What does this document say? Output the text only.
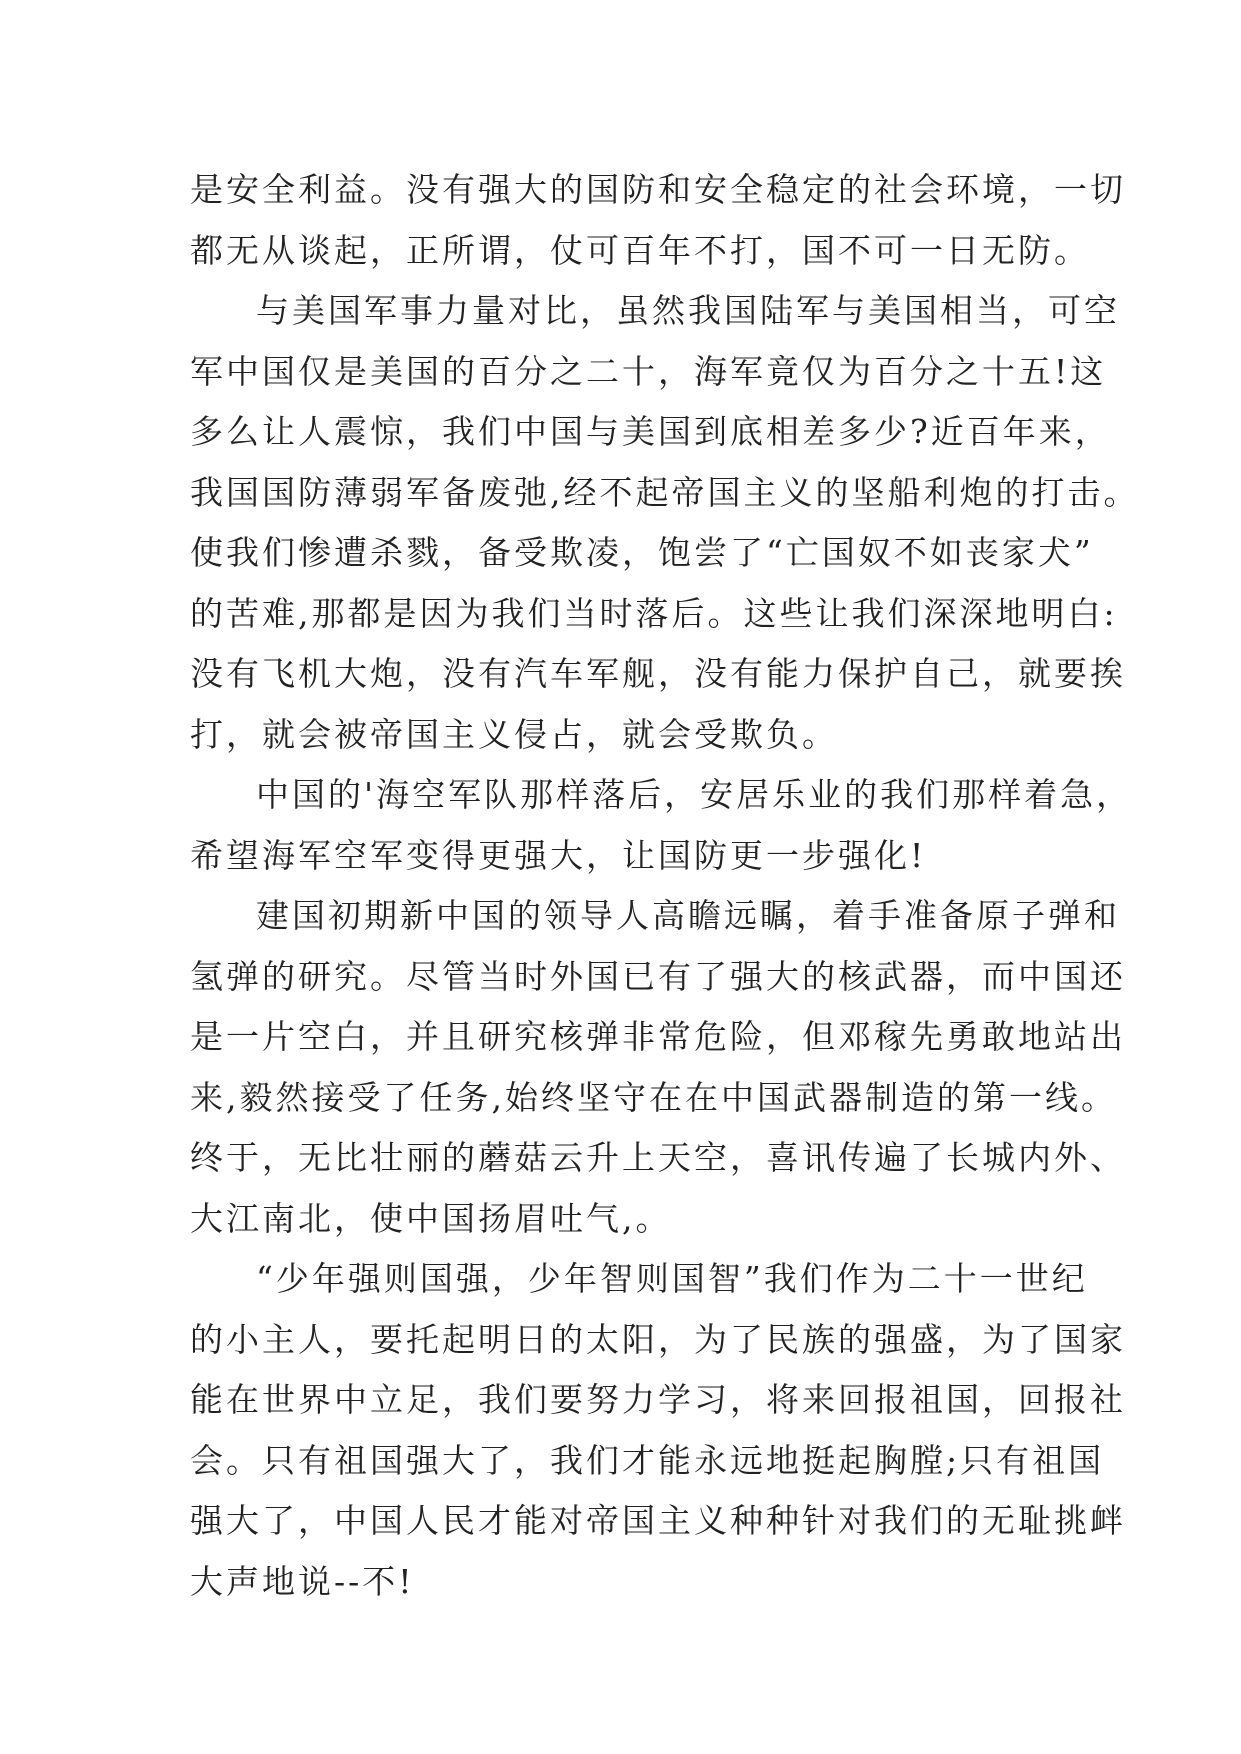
是安全利益。没有强大的国防和安全稳定的社会环境，一切
都无从谈起，正所谓，仗可百年不打，国不可一日无防。
与美国军事力量对比，虽然我国陆军与美国相当，可空
军中国仅是美国的百分之二十，海军竟仅为百分之十五!这
多么让人震惊，我们中国与美国到底相差多少?近百年来，
我国国防薄弱军备废弛,经不起帝国主义的坚船利炮的打击。
使我们惨遭杀戮，备受欺凌，饱尝了“亡国奴不如丧家犬”
的苦难,那都是因为我们当时落后。这些让我们深深地明白:
没有飞机大炮，没有汽车军舰，没有能力保护自己，就要挨
打，就会被帝国主义侵占，就会受欺负。
中国的'海空军队那样落后，安居乐业的我们那样着急，
希望海军空军变得更强大，让国防更一步强化!
建国初期新中国的领导人高瞻远瞩，着手准备原子弹和
氢弹的研究。尽管当时外国已有了强大的核武器，而中国还
是一片空白，并且研究核弹非常危险，但邓稼先勇敢地站出
来,毅然接受了任务,始终坚守在在中国武器制造的第一线。
终于，无比壮丽的蘑菇云升上天空，喜讯传遍了长城内外、
大江南北，使中国扬眉吐气,。
“少年强则国强，少年智则国智”我们作为二十一世纪
的小主人，要托起明日的太阳，为了民族的强盛，为了国家
能在世界中立足，我们要努力学习，将来回报祖国，回报社
会。只有祖国强大了，我们才能永远地挺起胸膛;只有祖国
强大了，中国人民才能对帝国主义种种针对我们的无耻挑衅
大声地说--不!
